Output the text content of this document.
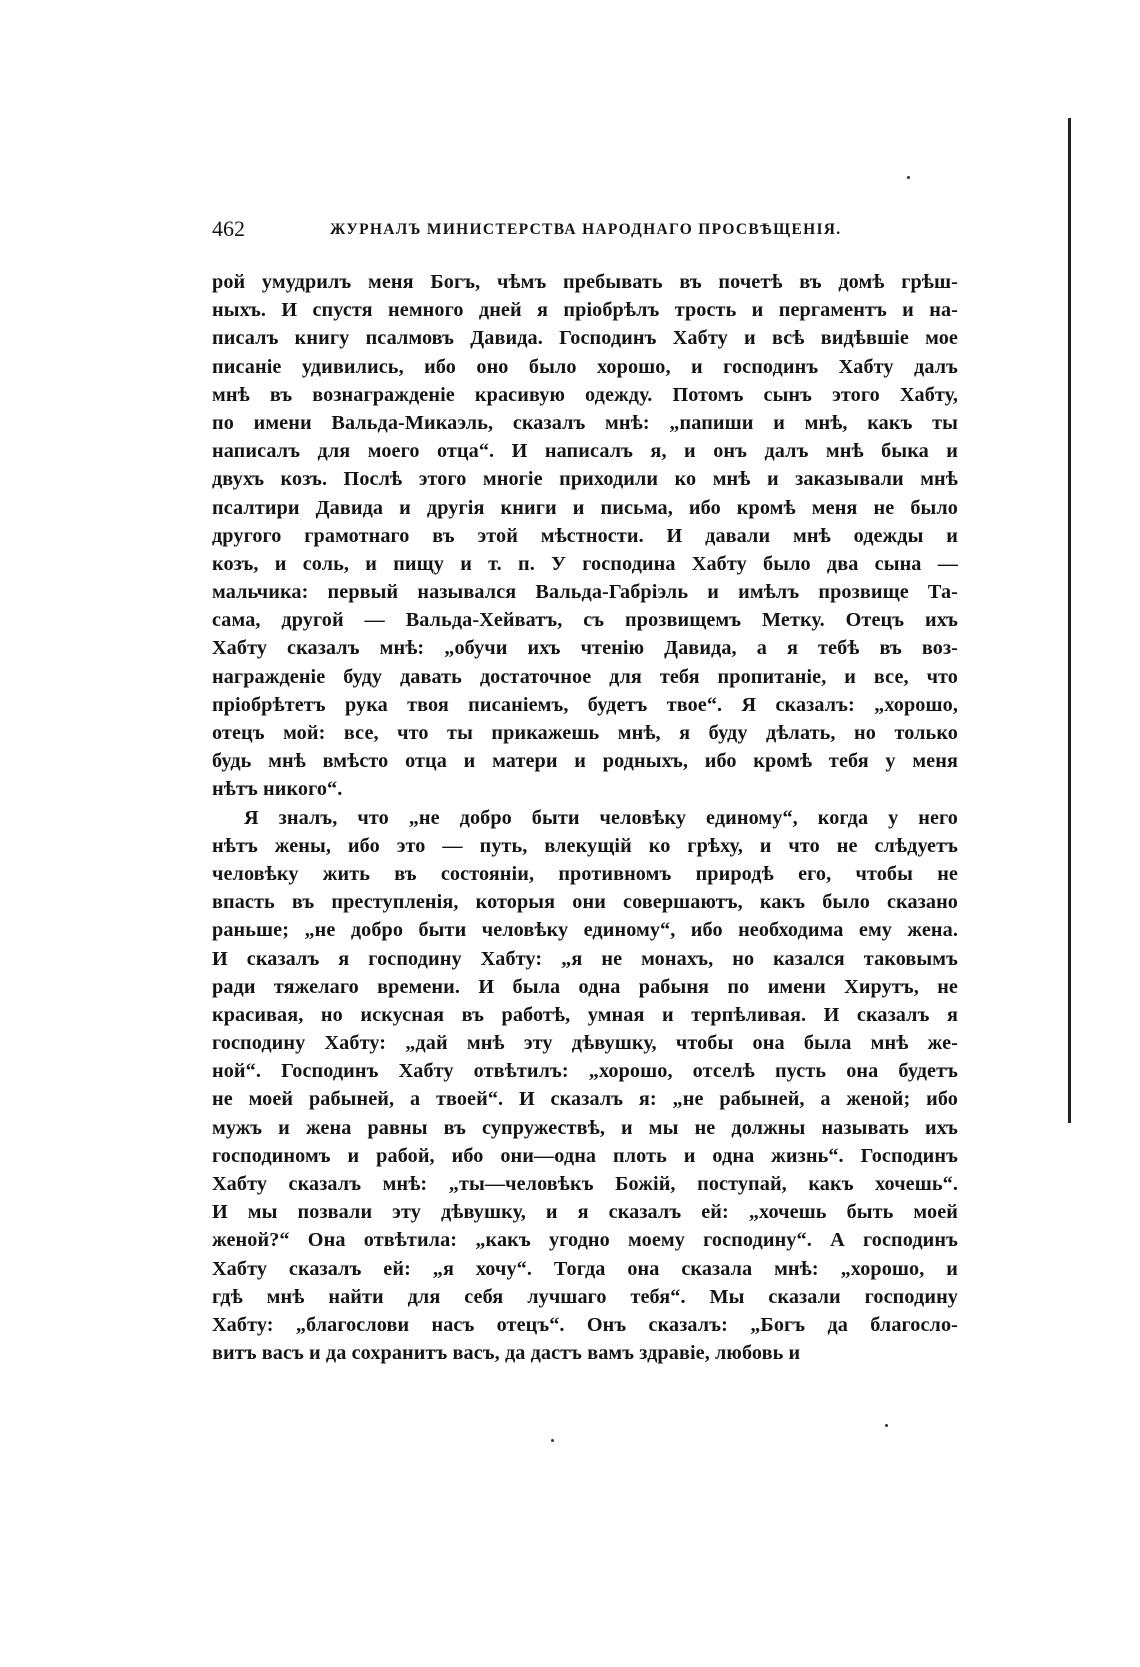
462	ЖУРНАЛЪ МИНИСТЕРСТВА НАРОДНАГО ПРОСВѢЩЕНІЯ.
рой умудрилъ меня Богъ, чѣмъ пребывать въ почетѣ въ домѣ грѣш-
ныхъ. И спустя немного дней я пріобрѣлъ трость и пергаментъ и на-
писалъ книгу псалмовъ Давида. Господинъ Хабту и всѣ видѣвшіе мое
писаніе удивились, ибо оно было хорошо, и господинъ Хабту далъ
мнѣ въ вознагражденіе красивую одежду. Потомъ сынъ этого Хабту,
по имени Вальда-Микаэль, сказалъ мнѣ: „папиши и мнѣ, какъ ты
написалъ для моего отца“. И написалъ я, и онъ далъ мнѣ быка и
двухъ козъ. Послѣ этого многіе приходили ко мнѣ и заказывали мнѣ
псалтири Давида и другія книги и письма, ибо кромѣ меня не было
другого грамотнаго въ этой мѣстности. И давали мнѣ одежды и
козъ, и соль, и пищу и т. п. У господина Хабту было два сына —
мальчика: первый назывался Вальда-Габріэль и имѣлъ прозвище Та-
сама, другой — Вальда-Хейватъ, съ прозвищемъ Метку. Отецъ ихъ
Хабту сказалъ мнѣ: „обучи ихъ чтенію Давида, а я тебѣ въ воз-
награжденіе буду давать достаточное для тебя пропитаніе, и все, что
пріобрѣтетъ рука твоя писаніемъ, будетъ твое“. Я сказалъ: „хорошо,
отецъ мой: все, что ты прикажешь мнѣ, я буду дѣлать, но только
будь мнѣ вмѣсто отца и матери и родныхъ, ибо кромѣ тебя у меня
нѣтъ никого“.
Я зналъ, что „не добро быти человѣку единому“, когда у него
нѣтъ жены, ибо это — путь, влекущій ко грѣху, и что не слѣдуетъ
человѣку жить въ состояніи, противномъ природѣ его, чтобы не
впасть въ преступленія, которыя они совершаютъ, какъ было сказано
раньше; „не добро быти человѣку единому“, ибо необходима ему жена.
И сказалъ я господину Хабту: „я не монахъ, но казался таковымъ
ради тяжелаго времени. И была одна рабыня по имени Хирутъ, не
красивая, но искусная въ работѣ, умная и терпѣливая. И сказалъ я
господину Хабту: „дай мнѣ эту дѣвушку, чтобы она была мнѣ же-
ной“. Господинъ Хабту отвѣтилъ: „хорошо, отселѣ пусть она будетъ
не моей рабыней, а твоей“. И сказалъ я: „не рабыней, а женой; ибо
мужъ и жена равны въ супружествѣ, и мы не должны называть ихъ
господиномъ и рабой, ибо они—одна плоть и одна жизнь“. Господинъ
Хабту сказалъ мнѣ: „ты—человѣкъ Божій, поступай, какъ хочешь“.
И мы позвали эту дѣвушку, и я сказалъ ей: „хочешь быть моей
женой?“ Она отвѣтила: „какъ угодно моему господину“. А господинъ
Хабту сказалъ ей: „я хочу“. Тогда она сказала мнѣ: „хорошо, и
гдѣ мнѣ найти для себя лучшаго тебя“. Мы сказали господину
Хабту: „благослови насъ отецъ“. Онъ сказалъ: „Богъ да благосло-
витъ васъ и да сохранитъ васъ, да дастъ вамъ здравіе, любовь и
